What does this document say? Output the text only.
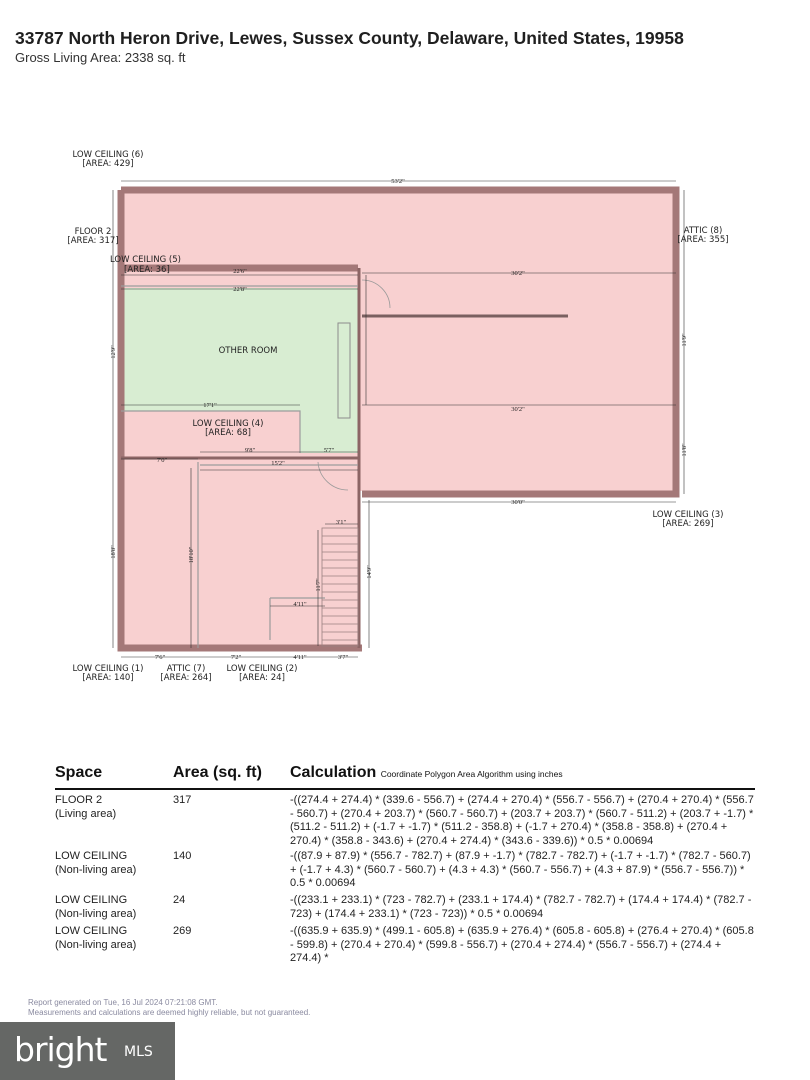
33787 North Heron Drive, Lewes, Sussex County, Delaware, United States, 19958
Gross Living Area: 2338 sq. ft
OTHER ROOM
LOW CEILING (4)
[AREA: 68]
LOW CEILING (5)
[AREA: 36]
LOW CEILING (6)
[AREA: 429]
FLOOR 2
[AREA: 317]
ATTIC (8)
[AREA: 355]
LOW CEILING (3)
[AREA: 269]
LOW CEILING (1)
[AREA: 140]
ATTIC (7)
[AREA: 264]
LOW CEILING (2)
[AREA: 24]
53'2"
22'6"
22'8"
30'2"
30'2"
30'0"
17'1"
9'8"	5'7"
15'2"
7'0"
3'1"
4'11"
4'11"
7'6"	7'2"	3'7"
18'10"
18'8"
12'9"
11'9"
11'8"
14'9"
11'7"
Space	Area (sq. ft) Calculation Coordinate Polygon Area Algorithm using inches
FLOOR 2
(Living area)
317	-((274.4 + 274.4) * (339.6 - 556.7) + (274.4 + 270.4) * (556.7 - 556.7) + (270.4 + 270.4) * (556.7 - 560.7) + (270.4 + 203.7) * (560.7 - 560.7) + (203.7 + 203.7) * (560.7 - 511.2) + (203.7 + -1.7) * (511.2 - 511.2) + (-1.7 + -1.7) * (511.2 - 358.8) + (-1.7 + 270.4) * (358.8 - 358.8) + (270.4 + 270.4) * (358.8 - 343.6) + (270.4 + 274.4) * (343.6 - 339.6)) * 0.5 * 0.00694
LOW CEILING
(Non-living area)
140	-((87.9 + 87.9) * (556.7 - 782.7) + (87.9 + -1.7) * (782.7 - 782.7) + (-1.7 + -1.7) * (782.7 - 560.7) + (-1.7 + 4.3) * (560.7 - 560.7) + (4.3 + 4.3) * (560.7 - 556.7) + (4.3 + 87.9) * (556.7 - 556.7)) * 0.5 * 0.00694
LOW CEILING
(Non-living area)
24	-((233.1 + 233.1) * (723 - 782.7) + (233.1 + 174.4) * (782.7 - 782.7) + (174.4 + 174.4) * (782.7 - 723) + (174.4 + 233.1) * (723 - 723)) * 0.5 * 0.00694
LOW CEILING
(Non-living area)
269	-((635.9 + 635.9) * (499.1 - 605.8) + (635.9 + 276.4) * (605.8 - 605.8) + (276.4 + 270.4) * (605.8 - 599.8) + (270.4 + 270.4) * (599.8 - 556.7) + (270.4 + 274.4) * (556.7 - 556.7) + (274.4 + 274.4) *
Report generated on Tue, 16 Jul 2024 07:21:08 GMT.
Measurements and calculations are deemed highly reliable, but not guaranteed.
bright MLS
